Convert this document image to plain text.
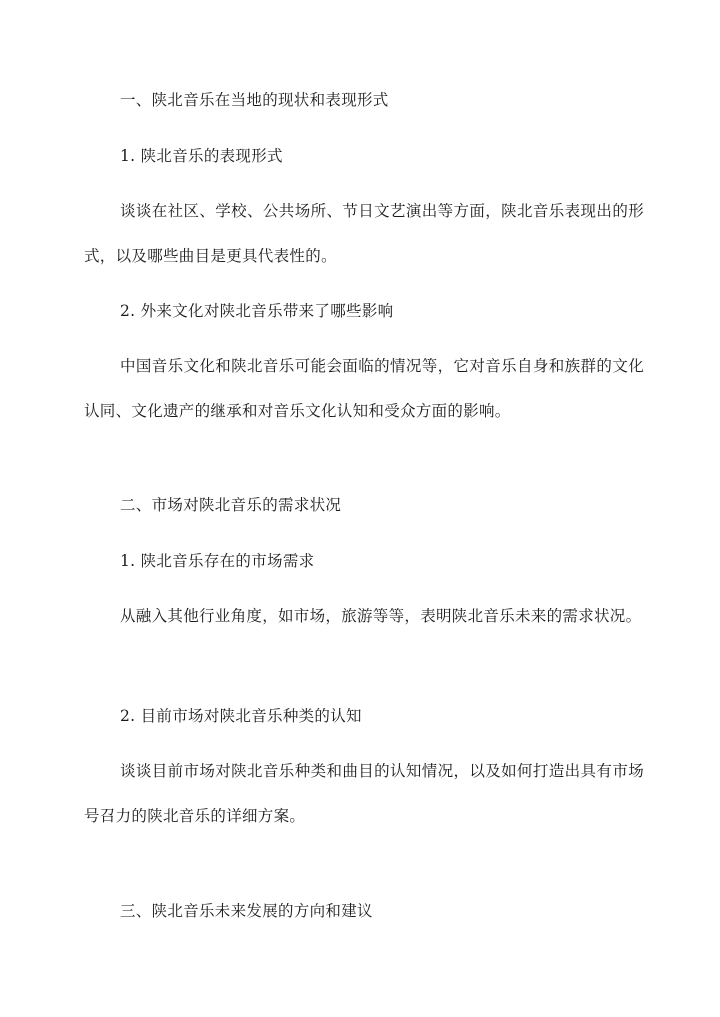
一、陕北音乐在当地的现状和表现形式
1. 陕北音乐的表现形式
谈谈在社区、学校、公共场所、节日文艺演出等方面，陕北音乐表现出的形式，以及哪些曲目是更具代表性的。
2. 外来文化对陕北音乐带来了哪些影响
中国音乐文化和陕北音乐可能会面临的情况等，它对音乐自身和族群的文化认同、文化遗产的继承和对音乐文化认知和受众方面的影响。
二、市场对陕北音乐的需求状况
1. 陕北音乐存在的市场需求
从融入其他行业角度，如市场，旅游等等，表明陕北音乐未来的需求状况。
2. 目前市场对陕北音乐种类的认知
谈谈目前市场对陕北音乐种类和曲目的认知情况，以及如何打造出具有市场号召力的陕北音乐的详细方案。
三、陕北音乐未来发展的方向和建议
